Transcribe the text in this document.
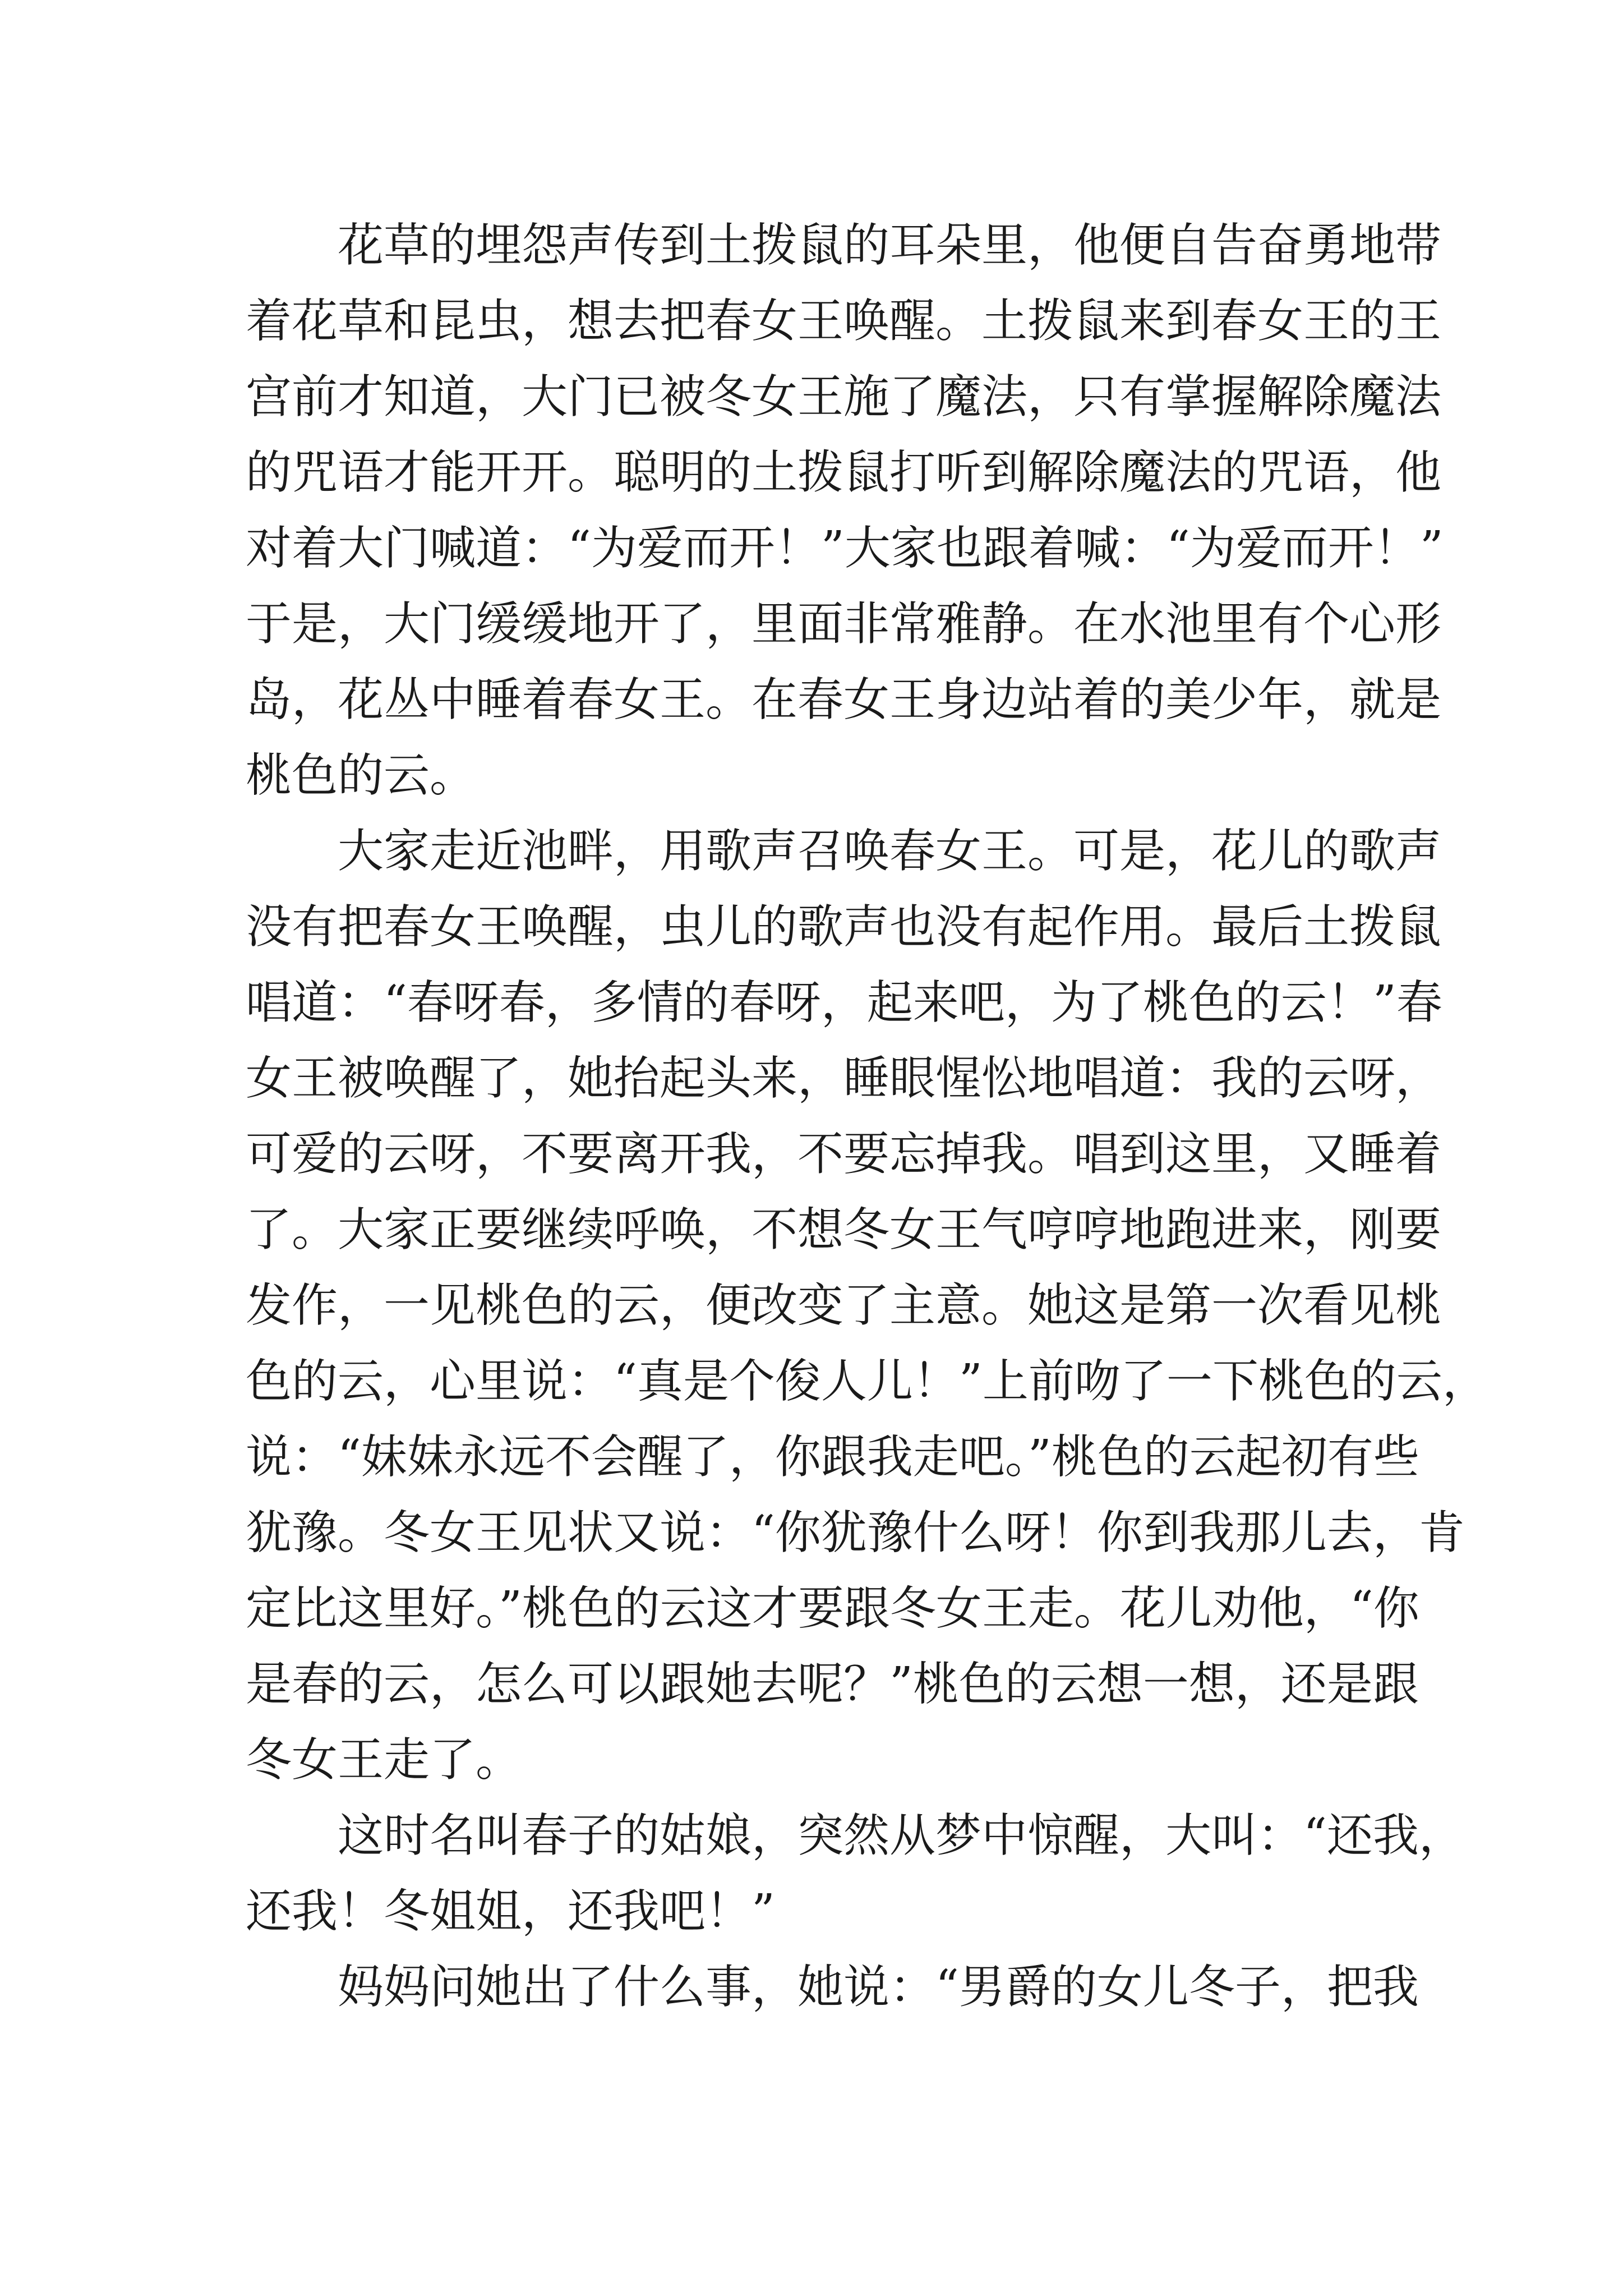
花草的埋怨声传到土拨鼠的耳朵里，他便自告奋勇地带
着花草和昆虫，想去把春女王唤醒。土拨鼠来到春女王的王
宫前才知道，大门已被冬女王施了魔法，只有掌握解除魔法
的咒语才能开开。聪明的土拨鼠打听到解除魔法的咒语，他
对着大门喊道：“为爱而开！”大家也跟着喊：“为爱而开！”
于是，大门缓缓地开了，里面非常雅静。在水池里有个心形
岛，花丛中睡着春女王。在春女王身边站着的美少年，就是
桃色的云。
大家走近池畔，用歌声召唤春女王。可是，花儿的歌声
没有把春女王唤醒，虫儿的歌声也没有起作用。最后土拨鼠
唱道：“春呀春，多情的春呀，起来吧，为了桃色的云！”春
女王被唤醒了，她抬起头来，睡眼惺忪地唱道：我的云呀，
可爱的云呀，不要离开我，不要忘掉我。唱到这里，又睡着
了。大家正要继续呼唤，不想冬女王气哼哼地跑进来，刚要
发作，一见桃色的云，便改变了主意。她这是第一次看见桃
色的云，心里说：“真是个俊人儿！”上前吻了一下桃色的云，
说：“妹妹永远不会醒了，你跟我走吧。”桃色的云起初有些
犹豫。冬女王见状又说：“你犹豫什么呀！你到我那儿去，肯
定比这里好。”桃色的云这才要跟冬女王走。花儿劝他，“你
是春的云，怎么可以跟她去呢？”桃色的云想一想，还是跟
冬女王走了。
这时名叫春子的姑娘，突然从梦中惊醒，大叫：“还我，
还我！冬姐姐，还我吧！”
妈妈问她出了什么事，她说：“男爵的女儿冬子，把我
